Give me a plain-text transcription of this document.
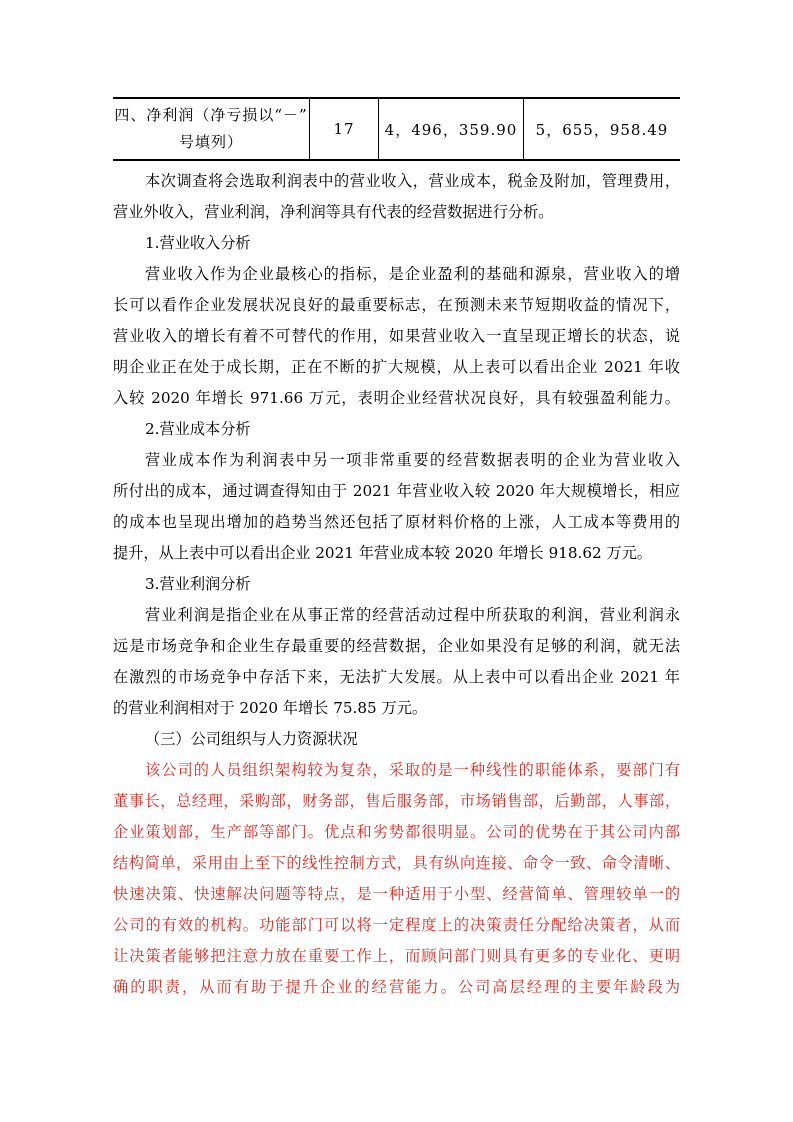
四、净利润（净亏损以“－”
号填列）	17	4，496，359.90	5，655，958.49
本次调查将会选取利润表中的营业收入，营业成本，税金及附加，管理费用，
营业外收入，营业利润，净利润等具有代表的经营数据进行分析。
1.营业收入分析
营业收入作为企业最核心的指标，是企业盈利的基础和源泉，营业收入的增
长可以看作企业发展状况良好的最重要标志，在预测未来节短期收益的情况下，
营业收入的增长有着不可替代的作用，如果营业收入一直呈现正增长的状态，说
明企业正在处于成长期，正在不断的扩大规模，从上表可以看出企业 2021 年收
入较 2020 年增长 971.66 万元，表明企业经营状况良好，具有较强盈利能力。
2.营业成本分析
营业成本作为利润表中另一项非常重要的经营数据表明的企业为营业收入
所付出的成本，通过调查得知由于 2021 年营业收入较 2020 年大规模增长，相应
的成本也呈现出增加的趋势当然还包括了原材料价格的上涨，人工成本等费用的
提升，从上表中可以看出企业 2021 年营业成本较 2020 年增长 918.62 万元。
3.营业利润分析
营业利润是指企业在从事正常的经营活动过程中所获取的利润，营业利润永
远是市场竞争和企业生存最重要的经营数据，企业如果没有足够的利润，就无法
在激烈的市场竞争中存活下来，无法扩大发展。从上表中可以看出企业 2021 年
的营业利润相对于 2020 年增长 75.85 万元。
（三）公司组织与人力资源状况
该公司的人员组织架构较为复杂，采取的是一种线性的职能体系，要部门有
董事长，总经理，采购部，财务部，售后服务部，市场销售部，后勤部，人事部，
企业策划部，生产部等部门。优点和劣势都很明显。公司的优势在于其公司内部
结构简单，采用由上至下的线性控制方式，具有纵向连接、命令一致、命令清晰、
快速决策、快速解决问题等特点，是一种适用于小型、经营简单、管理较单一的
公司的有效的机构。功能部门可以将一定程度上的决策责任分配给决策者，从而
让决策者能够把注意力放在重要工作上，而顾问部门则具有更多的专业化、更明
确的职责，从而有助于提升企业的经营能力。公司高层经理的主要年龄段为
